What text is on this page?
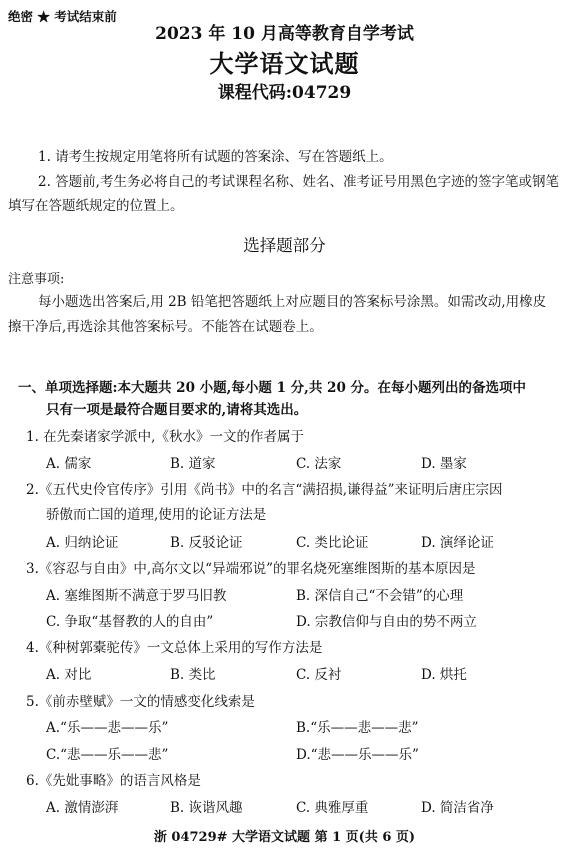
绝密 ★ 考试结束前
2023 年 10 月高等教育自学考试
大学语文试题
课程代码:04729
1. 请考生按规定用笔将所有试题的答案涂、写在答题纸上。
2. 答题前,考生务必将自己的考试课程名称、姓名、准考证号用黑色字迹的签字笔或钢笔
填写在答题纸规定的位置上。
选择题部分
注意事项:
每小题选出答案后,用 2B 铅笔把答题纸上对应题目的答案标号涂黑。如需改动,用橡皮
擦干净后,再选涂其他答案标号。不能答在试题卷上。
一、单项选择题:本大题共 20 小题,每小题 1 分,共 20 分。在每小题列出的备选项中
只有一项是最符合题目要求的,请将其选出。
1. 在先秦诸家学派中,《秋水》一文的作者属于
A. 儒家	B. 道家	C. 法家	D. 墨家
2.《五代史伶官传序》引用《尚书》中的名言“满招损,谦得益”来证明后唐庄宗因
骄傲而亡国的道理,使用的论证方法是
A. 归纳论证	B. 反驳论证	C. 类比论证	D. 演绎论证
3.《容忍与自由》中,高尔文以“异端邪说”的罪名烧死塞维图斯的基本原因是
A. 塞维图斯不满意于罗马旧教	B. 深信自己“不会错”的心理
C. 争取“基督教的人的自由”	D. 宗教信仰与自由的势不两立
4.《种树郭橐驼传》一文总体上采用的写作方法是
A. 对比	B. 类比	C. 反衬	D. 烘托
5.《前赤壁赋》一文的情感变化线索是
A.“乐——悲——乐”	B.“乐——悲——悲”
C.“悲——乐——悲”	D.“悲——乐——乐”
6.《先妣事略》的语言风格是
A. 激情澎湃	B. 诙谐风趣	C. 典雅厚重	D. 简洁省净
浙 04729# 大学语文试题 第 1 页(共 6 页)
